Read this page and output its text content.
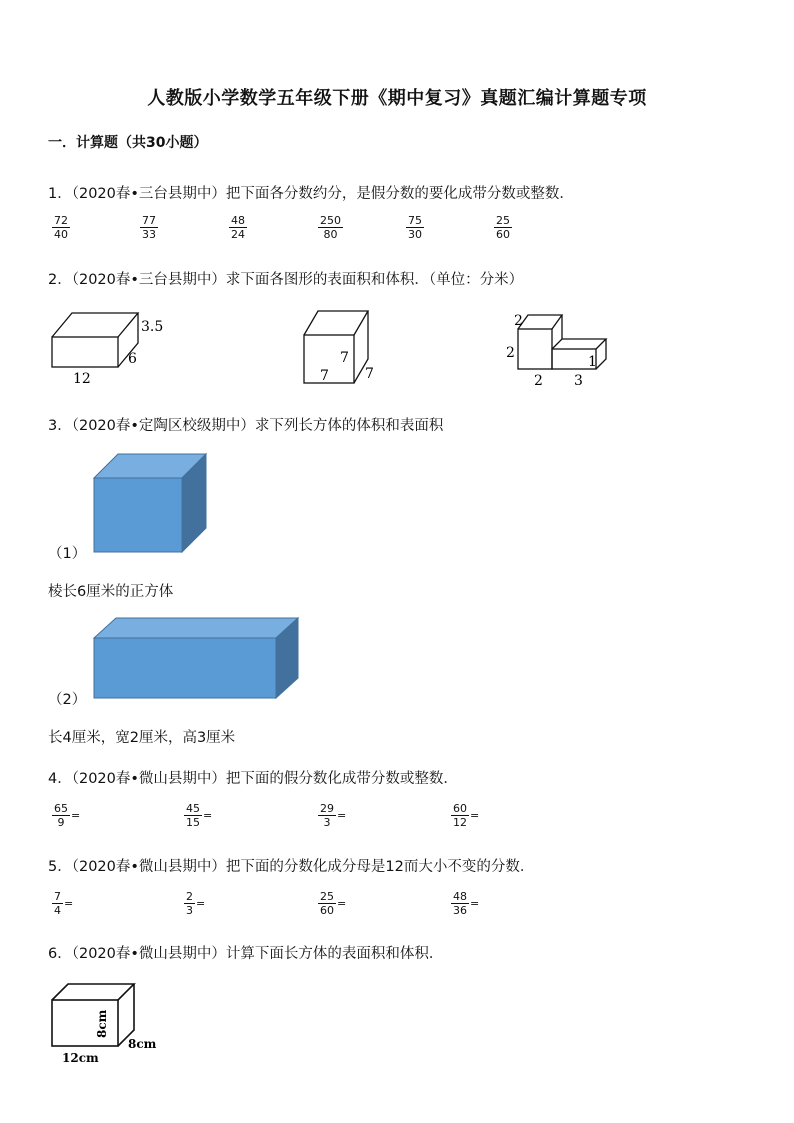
人教版小学数学五年级下册《期中复习》真题汇编计算题专项
一．计算题（共30小题）
1．（2020春•三台县期中）把下面各分数约分，是假分数的要化成带分数或整数．
$\frac{72}{40}$	$\frac{77}{33}$	$\frac{48}{24}$	$\frac{250}{80}$	$\frac{75}{30}$	$\frac{25}{60}$
2．（2020春•三台县期中）求下面各图形的表面积和体积．（单位：分米）
3.5
6
12
7
7	7
2
2
1
2 3
3．（2020春•定陶区校级期中）求下列长方体的体积和表面积
（1）
棱长6厘米的正方体
（2）
长4厘米，宽2厘米，高3厘米
4．（2020春•微山县期中）把下面的假分数化成带分数或整数．
$\frac{65}{9}$ =	$\frac{45}{15}$ =	$\frac{29}{3}$ =	$\frac{60}{12}$ =
5．（2020春•微山县期中）把下面的分数化成分母是12而大小不变的分数．
$\frac{7}{4}$ =	$\frac{2}{3}$ =	$\frac{25}{60}$ =	$\frac{48}{36}$ =
6．（2020春•微山县期中）计算下面长方体的表面积和体积．
8cm
8cm
12cm
